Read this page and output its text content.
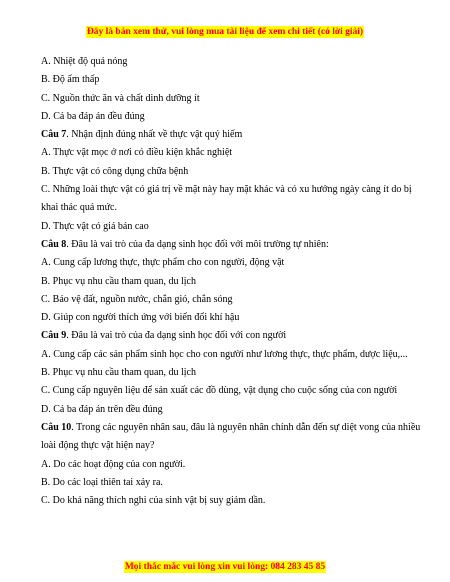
Đây là bản xem thử, vui lòng mua tài liệu để xem chi tiết (có lời giải)
A. Nhiệt độ quá nóng
B. Độ ẩm thấp
C. Nguồn thức ăn và chất dinh dưỡng ít
D. Cả ba đáp án đều đúng
Câu 7. Nhận định đúng nhất về thực vật quý hiếm
A. Thực vật mọc ở nơi có điều kiện khắc nghiệt
B. Thực vật có công dụng chữa bệnh
C. Những loài thực vật có giá trị về mặt này hay mặt khác và có xu hướng ngày càng ít do bị khai thác quá mức.
D. Thực vật có giá bán cao
Câu 8. Đâu là vai trò của đa dạng sinh học đối với môi trường tự nhiên:
A. Cung cấp lương thực, thực phẩm cho con người, động vật
B. Phục vụ nhu cầu tham quan, du lịch
C. Bảo vệ đất, nguồn nước, chắn gió, chắn sóng
D. Giúp con người thích ứng với biến đổi khí hậu
Câu 9. Đâu là vai trò của đa dạng sinh học đối với con người
A. Cung cấp các sản phẩm sinh học cho con người như lương thực, thực phẩm, dược liệu,...
B. Phục vụ nhu cầu tham quan, du lịch
C. Cung cấp nguyên liệu để sản xuất các đồ dùng, vật dụng cho cuộc sống của con người
D. Cả ba đáp án trên đều đúng
Câu 10. Trong các nguyên nhân sau, đâu là nguyên nhân chính dẫn đến sự diệt vong của nhiều loài động thực vật hiện nay?
A. Do các hoạt động của con người.
B. Do các loại thiên tai xảy ra.
C. Do khả năng thích nghi của sinh vật bị suy giảm dần.
Mọi thắc mắc vui lòng xin vui lòng: 084 283 45 85
